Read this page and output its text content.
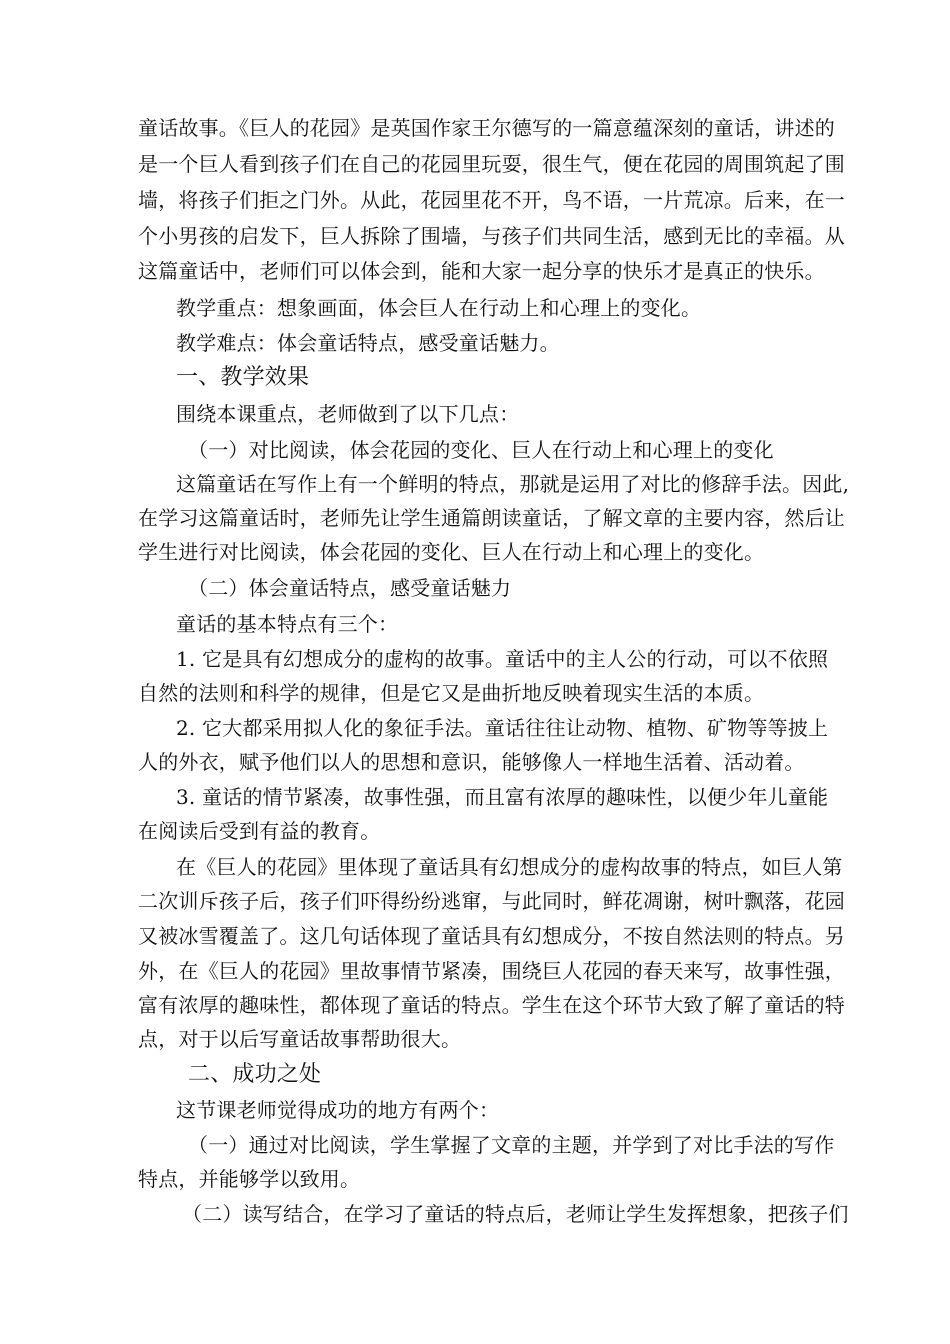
童话故事。《巨人的花园》是英国作家王尔德写的一篇意蕴深刻的童话，讲述的
是一个巨人看到孩子们在自己的花园里玩耍，很生气，便在花园的周围筑起了围
墙，将孩子们拒之门外。从此，花园里花不开，鸟不语，一片荒凉。后来，在一
个小男孩的启发下，巨人拆除了围墙，与孩子们共同生活，感到无比的幸福。从
这篇童话中，老师们可以体会到，能和大家一起分享的快乐才是真正的快乐。
教学重点：想象画面，体会巨人在行动上和心理上的变化。
教学难点：体会童话特点，感受童话魅力。
一、教学效果
围绕本课重点，老师做到了以下几点：
（一）对比阅读，体会花园的变化、巨人在行动上和心理上的变化
这篇童话在写作上有一个鲜明的特点，那就是运用了对比的修辞手法。因此,
在学习这篇童话时，老师先让学生通篇朗读童话，了解文章的主要内容，然后让
学生进行对比阅读，体会花园的变化、巨人在行动上和心理上的变化。
（二）体会童话特点，感受童话魅力
童话的基本特点有三个：
1. 它是具有幻想成分的虚构的故事。童话中的主人公的行动，可以不依照
自然的法则和科学的规律，但是它又是曲折地反映着现实生活的本质。
2. 它大都采用拟人化的象征手法。童话往往让动物、植物、矿物等等披上
人的外衣，赋予他们以人的思想和意识，能够像人一样地生活着、活动着。
3. 童话的情节紧凑，故事性强，而且富有浓厚的趣味性，以便少年儿童能
在阅读后受到有益的教育。
在《巨人的花园》里体现了童话具有幻想成分的虚构故事的特点，如巨人第
二次训斥孩子后，孩子们吓得纷纷逃窜，与此同时，鲜花凋谢，树叶飘落，花园
又被冰雪覆盖了。这几句话体现了童话具有幻想成分，不按自然法则的特点。另
外，在《巨人的花园》里故事情节紧凑，围绕巨人花园的春天来写，故事性强，
富有浓厚的趣味性，都体现了童话的特点。学生在这个环节大致了解了童话的特
点，对于以后写童话故事帮助很大。
二、成功之处
这节课老师觉得成功的地方有两个：
（一）通过对比阅读，学生掌握了文章的主题，并学到了对比手法的写作
特点，并能够学以致用。
（二）读写结合，在学习了童话的特点后，老师让学生发挥想象，把孩子们
